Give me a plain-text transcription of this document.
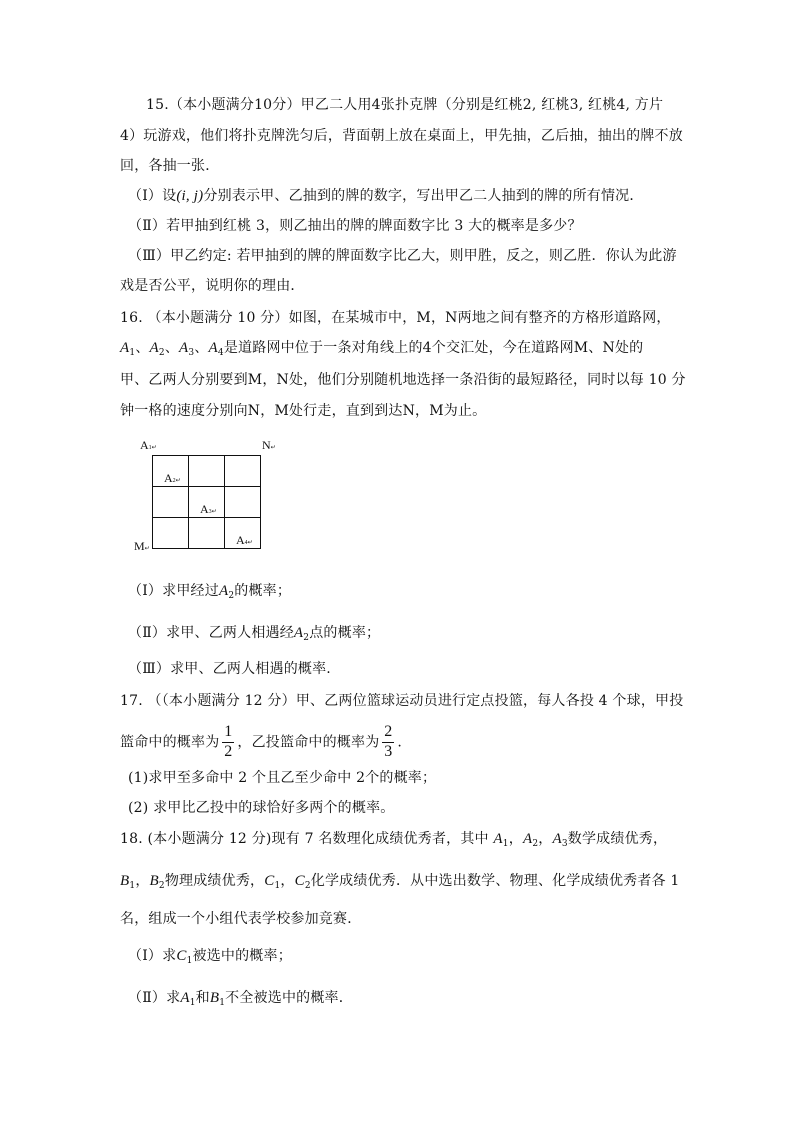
15.（本小题满分10分）甲乙二人用4张扑克牌（分别是红桃2, 红桃3, 红桃4, 方片
4）玩游戏，他们将扑克牌洗匀后，背面朝上放在桌面上，甲先抽，乙后抽，抽出的牌不放
回，各抽一张．
（Ⅰ）设(i, j)分别表示甲、乙抽到的牌的数字，写出甲乙二人抽到的牌的所有情况．
（Ⅱ）若甲抽到红桃 3，则乙抽出的牌的牌面数字比 3 大的概率是多少？
（Ⅲ）甲乙约定: 若甲抽到的牌的牌面数字比乙大，则甲胜，反之，则乙胜．你认为此游
戏是否公平，说明你的理由．
16. （本小题满分 10 分）如图，在某城市中，M，N两地之间有整齐的方格形道路网，
$A_1$、$A_2$、$A_3$、$A_4$是道路网中位于一条对角线上的4个交汇处，今在道路网M、N处的
甲、乙两人分别要到M，N处，他们分别随机地选择一条沿街的最短路径，同时以每 10 分
钟一格的速度分别向N，M处行走，直到到达N，M为止。
A1↵	N↵
A2↵
A3↵
A4↵
M↵
（Ⅰ）求甲经过$A_2$的概率；
（Ⅱ）求甲、乙两人相遇经$A_2$点的概率；
（Ⅲ）求甲、乙两人相遇的概率.
17. （（本小题满分 12 分）甲、乙两位篮球运动员进行定点投篮，每人各投 4 个球，甲投
篮命中的概率为 $\frac{1}{2}$ ，乙投篮命中的概率为 $\frac{2}{3}$ .
(1)求甲至多命中 2 个且乙至少命中 2个的概率；
(2) 求甲比乙投中的球恰好多两个的概率。
18. (本小题满分 12 分)现有 7 名数理化成绩优秀者，其中 $A_1$，$A_2$，$A_3$数学成绩优秀，
$B_1$，$B_2$物理成绩优秀，$C_1$，$C_2$化学成绩优秀．从中选出数学、物理、化学成绩优秀者各 1
名，组成一个小组代表学校参加竞赛．
（Ⅰ）求$C_1$被选中的概率；
（Ⅱ）求$A_1$和$B_1$不全被选中的概率．
